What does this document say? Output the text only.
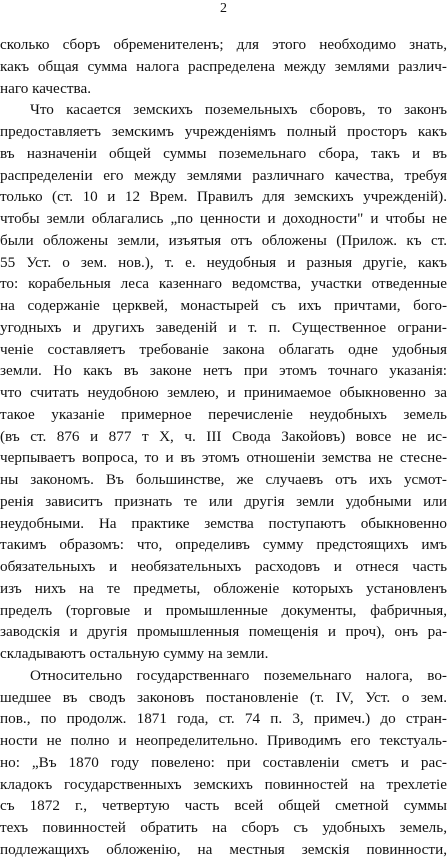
2
сколько сборъ обременителенъ; для этого необходимо знать,
какъ общая сумма налога распределена между землями различ-
наго качества.
Что касается земскихъ поземельныхъ сборовъ, то законъ
предоставляетъ земскимъ учрежденіямъ полный просторъ какъ
въ назначеніи общей суммы поземельнаго сбора, такъ и въ
распределеніи его между землями различнаго качества, требуя
только (ст. 10 и 12 Врем. Правилъ для земскихъ учрежденій).
чтобы земли облагались „по ценности и доходности" и чтобы не
были обложены земли, изъятыя отъ обложены (Прилож. къ ст.
55 Уст. о зем. нов.), т. е. неудобныя и разныя другіе, какъ
то: корабельныя леса казеннаго ведомства, участки отведенные
на содержаніе церквей, монастырей съ ихъ причтами, бого-
угодныхъ и другихъ заведеній и т. п. Существенное ограни-
ченіе составляетъ требованіе закона облагать одне удобныя
земли. Но какъ въ законе нетъ при этомъ точнаго указанія:
что считать неудобною землею, и принимаемое обыкновенно за
такое указаніе примерное перечисленіе неудобныхъ земель
(въ ст. 876 и 877 т Х, ч. III Свода Закойовъ) вовсе не ис-
черпываетъ вопроса, то и въ этомъ отношеніи земства не стесне-
ны закономъ. Въ большинстве, же случаевъ отъ ихъ усмот-
ренія зависитъ признать те или другія земли удобными или
неудобными. На практике земства поступаютъ обыкновенно
такимъ образомъ: что, определивъ сумму предстоящихъ имъ
обязательныхъ и необязательныхъ расходовъ и отнеся часть
изъ нихъ на те предметы, обложеніе которыхъ установленъ
пределъ (торговые и промышленные документы, фабричныя,
заводскія и другія промышленныя помещенія и проч), онъ ра-
складываютъ остальную сумму на земли.
Относительно государственнаго поземельнаго налога, во-
шедшее въ сводъ законовъ постановленіе (т. IV, Уст. о зем.
пов., по продолж. 1871 года, ст. 74 п. 3, примеч.) до стран-
ности не полно и неопределительно. Приводимъ его текстуаль-
но: „Въ 1870 году повелено: при составленіи сметъ и рас-
кладокъ государственныхъ земскихъ повинностей на трехлетіе
съ 1872 г., четвертую часть всей общей сметной суммы
техъ повинностей обратить на сборъ съ удобныхъ земель,
подлежащихъ обложенію, на местныя земскія повинности,
